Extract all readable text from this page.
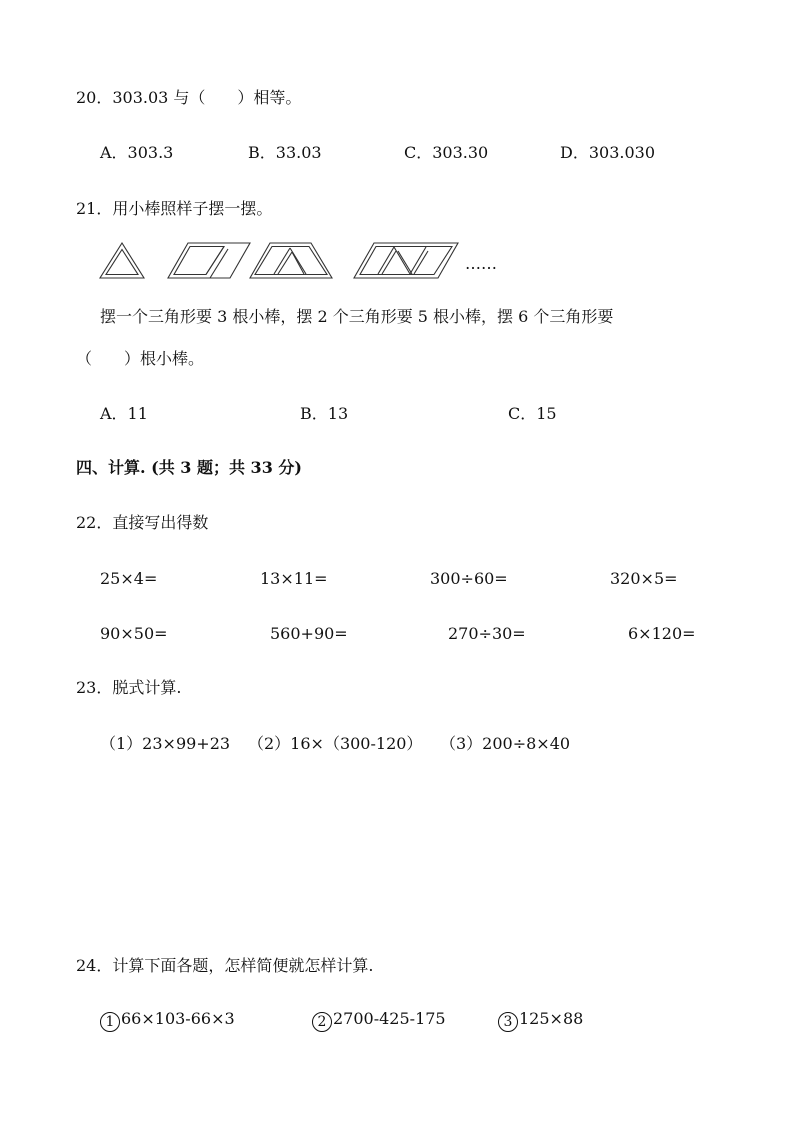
20．303.03 与（　　）相等。
A．303.3	B．33.03	C．303.30	D．303.030
21．用小棒照样子摆一摆。
……
摆一个三角形要 3 根小棒，摆 2 个三角形要 5 根小棒，摆 6 个三角形要
（　　）根小棒。
A．11	B．13	C．15
四、计算. (共 3 题；共 33 分)
22．直接写出得数
25×4=	13×11=	300÷60=	320×5=
90×50=	560+90=	270÷30=	6×120=
23．脱式计算.
（1）23×99+23 （2）16×（300-120） （3）200÷8×40
24．计算下面各题，怎样简便就怎样计算.
1 66×103-66×3	2 2700-425-175	3 125×88
